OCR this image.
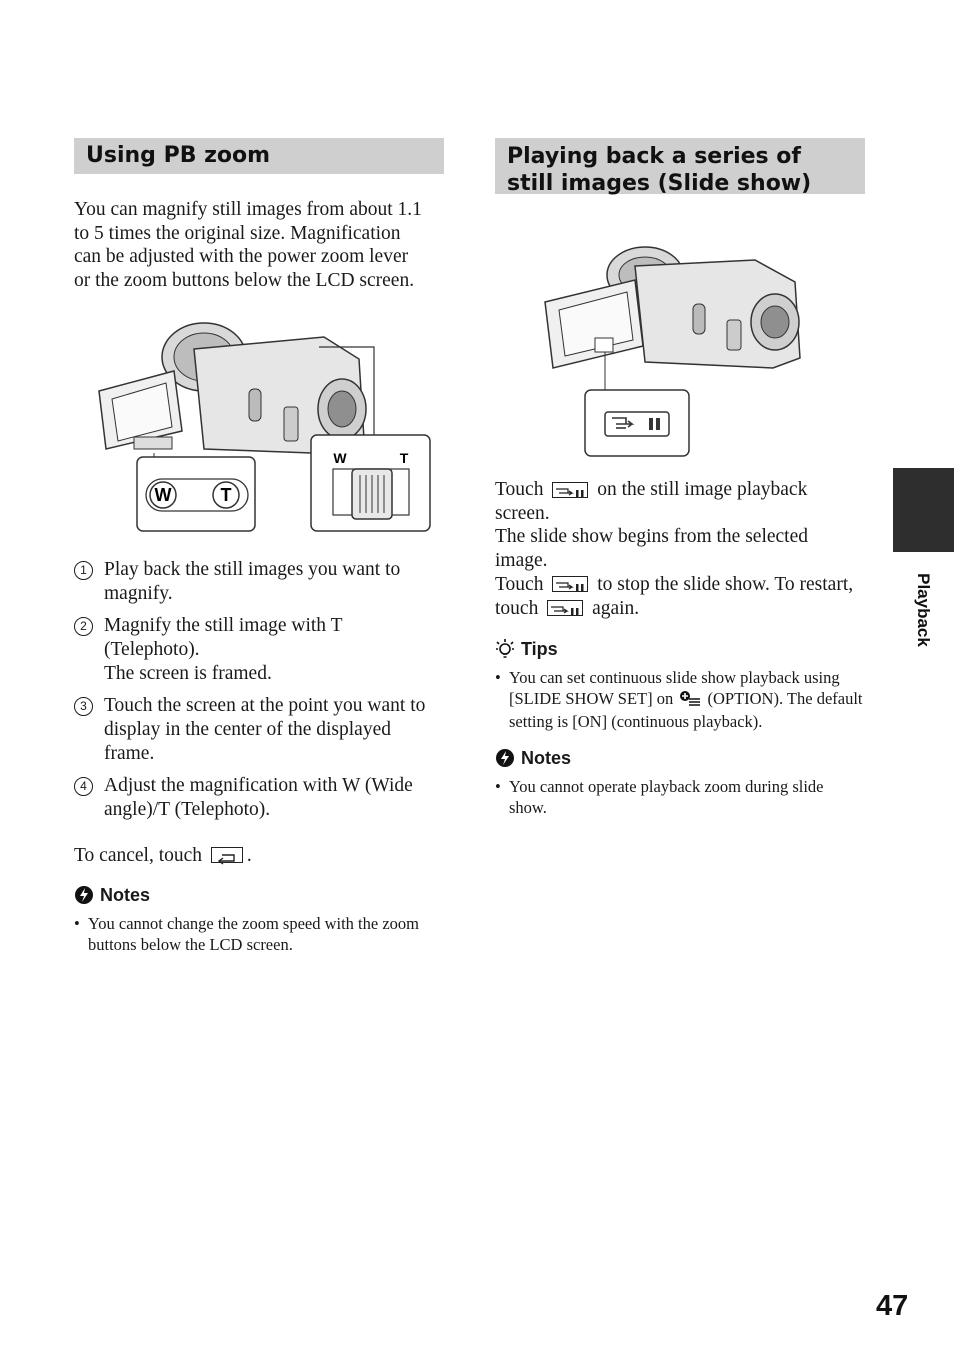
Using PB zoom

You can magnify still images from about 1.1 to 5 times the original size. Magnification can be adjusted with the power zoom lever or the zoom buttons below the LCD screen.

W	T
W	T
1 Play back the still images you want to magnify.
2 Magnify the still image with T (Telephoto).
The screen is framed.
3 Touch the screen at the point you want to display in the center of the displayed frame.
4 Adjust the magnification with W (Wide angle)/T (Telephoto).

To cancel, touch .

Notes
• You cannot change the zoom speed with the zoom buttons below the LCD screen.
Playing back a series of still images (Slide show)

Touch	on the still image playback screen.
The slide show begins from the selected image.
Touch	to stop the slide show. To restart, touch	again.

Tips
• You can set continuous slide show playback using [SLIDE SHOW SET] on (OPTION). The default setting is [ON] (continuous playback).
Notes
• You cannot operate playback zoom during slide show.
Playback
47
